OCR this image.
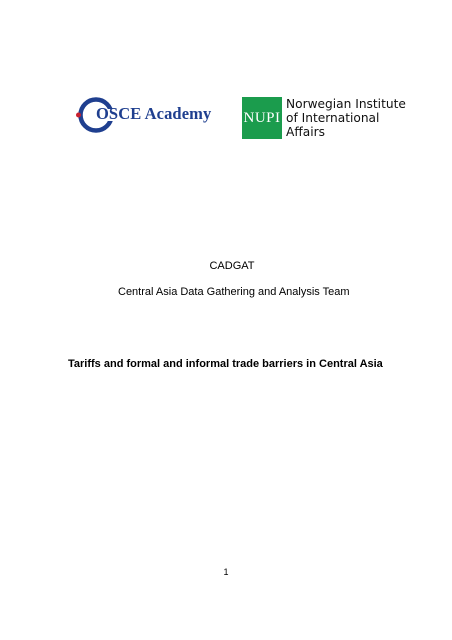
OSCE Academy NUPI
Norwegian Institute
of International
Affairs
CADGAT
Central Asia Data Gathering and Analysis Team
Tariffs and formal and informal trade barriers in Central Asia
1
